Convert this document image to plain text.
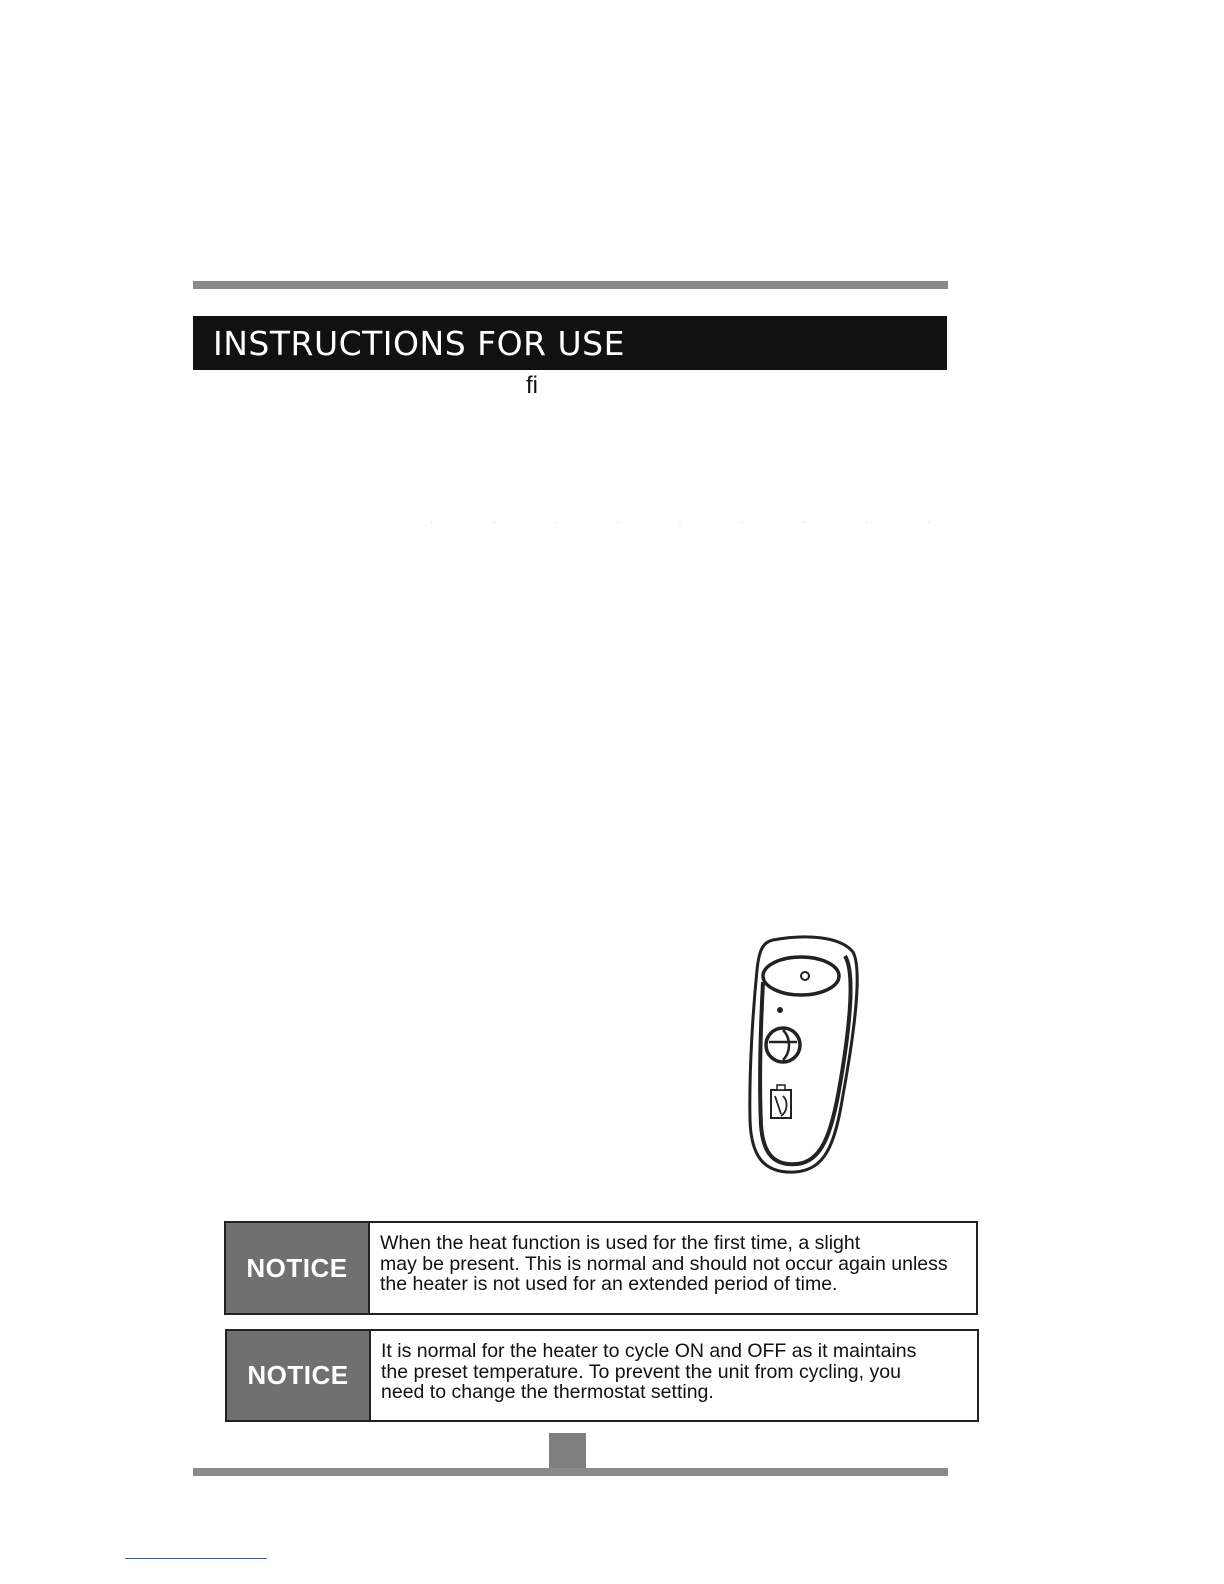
INSTRUCTIONS FOR USE
fi
· · · · · · · · ·
NOTICE
When the heat function is used for the first time, a slight
may be present. This is normal and should not occur again unless
the heater is not used for an extended period of time.
NOTICE
It is normal for the heater to cycle ON and OFF as it maintains
the preset temperature. To prevent the unit from cycling, you
need to change the thermostat setting.
